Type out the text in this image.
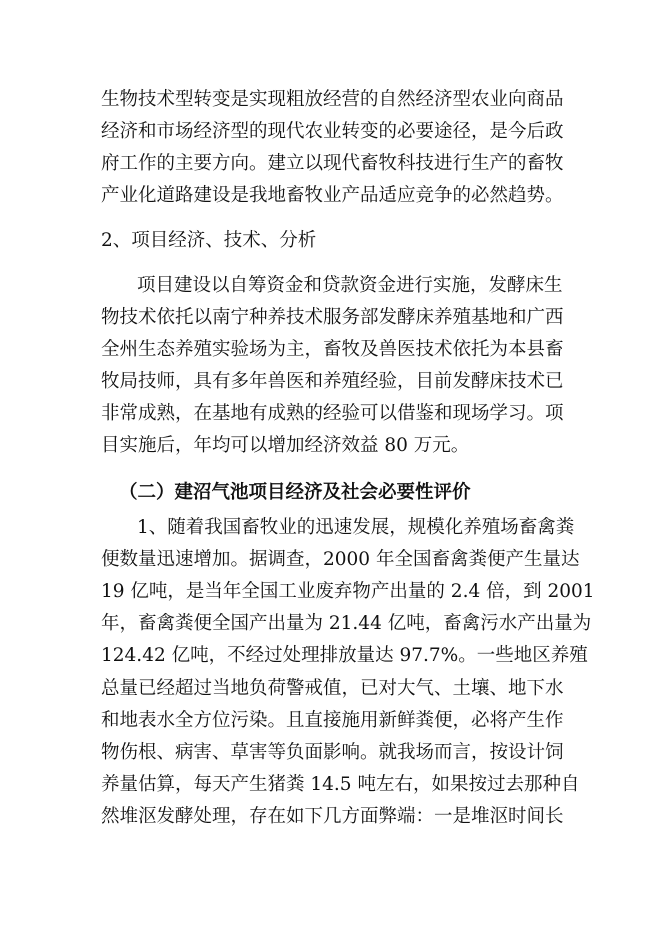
生物技术型转变是实现粗放经营的自然经济型农业向商品
经济和市场经济型的现代农业转变的必要途径，是今后政
府工作的主要方向。建立以现代畜牧科技进行生产的畜牧
产业化道路建设是我地畜牧业产品适应竞争的必然趋势。
2、项目经济、技术、分析
项目建设以自筹资金和贷款资金进行实施，发酵床生
物技术依托以南宁种养技术服务部发酵床养殖基地和广西
全州生态养殖实验场为主，畜牧及兽医技术依托为本县畜
牧局技师，具有多年兽医和养殖经验，目前发酵床技术已
非常成熟，在基地有成熟的经验可以借鉴和现场学习。项
目实施后，年均可以增加经济效益 80 万元。
（二）建沼气池项目经济及社会必要性评价
1、随着我国畜牧业的迅速发展，规模化养殖场畜禽粪
便数量迅速增加。据调查，2000 年全国畜禽粪便产生量达
19 亿吨，是当年全国工业废弃物产出量的 2.4 倍，到 2001
年，畜禽粪便全国产出量为 21.44 亿吨，畜禽污水产出量为
124.42 亿吨，不经过处理排放量达 97.7%。一些地区养殖
总量已经超过当地负荷警戒值，已对大气、土壤、地下水
和地表水全方位污染。且直接施用新鲜粪便，必将产生作
物伤根、病害、草害等负面影响。就我场而言，按设计饲
养量估算，每天产生猪粪 14.5 吨左右，如果按过去那种自
然堆沤发酵处理，存在如下几方面弊端：一是堆沤时间长
